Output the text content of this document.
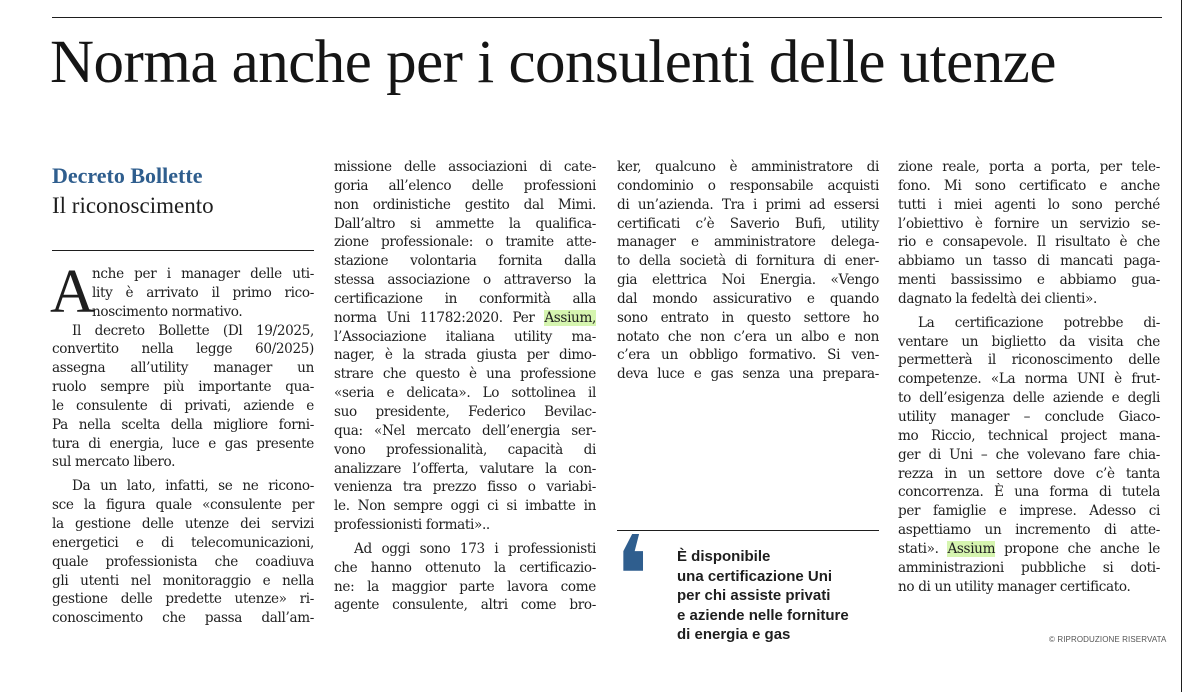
Norma anche per i consulenti delle utenze
Decreto Bollette
Il riconoscimento
A
nche per i manager delle uti-
lity è arrivato il primo rico-
noscimento normativo.
Il decreto Bollette (Dl 19/2025,
convertito nella legge 60/2025)
assegna all’utility manager un
ruolo sempre più importante qua-
le consulente di privati, aziende e
Pa nella scelta della migliore forni-
tura di energia, luce e gas presente
sul mercato libero.
Da un lato, infatti, se ne ricono-
sce la figura quale «consulente per
la gestione delle utenze dei servizi
energetici e di telecomunicazioni,
quale professionista che coadiuva
gli utenti nel monitoraggio e nella
gestione delle predette utenze» ri-
conoscimento che passa dall’am-
missione delle associazioni di cate-
goria all’elenco delle professioni
non ordinistiche gestito dal Mimi.
Dall’altro si ammette la qualifica-
zione professionale: o tramite atte-
stazione volontaria fornita dalla
stessa associazione o attraverso la
certificazione in conformità alla
norma Uni 11782:2020. Per Assium,
l’Associazione italiana utility ma-
nager, è la strada giusta per dimo-
strare che questo è una professione
«seria e delicata». Lo sottolinea il
suo presidente, Federico Bevilac-
qua: «Nel mercato dell’energia ser-
vono professionalità, capacità di
analizzare l’offerta, valutare la con-
venienza tra prezzo fisso o variabi-
le. Non sempre oggi ci si imbatte in
professionisti formati»..
Ad oggi sono 173 i professionisti
che hanno ottenuto la certificazio-
ne: la maggior parte lavora come
agente consulente, altri come bro-
ker, qualcuno è amministratore di
condominio o responsabile acquisti
di un’azienda. Tra i primi ad essersi
certificati c’è Saverio Bufi, utility
manager e amministratore delega-
to della società di fornitura di ener-
gia elettrica Noi Energia. «Vengo
dal mondo assicurativo e quando
sono entrato in questo settore ho
notato che non c’era un albo e non
c’era un obbligo formativo. Si ven-
deva luce e gas senza una prepara-
❛ È disponibile
una certificazione Uni
per chi assiste privati
e aziende nelle forniture
di energia e gas
zione reale, porta a porta, per tele-
fono. Mi sono certificato e anche
tutti i miei agenti lo sono perché
l’obiettivo è fornire un servizio se-
rio e consapevole. Il risultato è che
abbiamo un tasso di mancati paga-
menti bassissimo e abbiamo gua-
dagnato la fedeltà dei clienti».
La certificazione potrebbe di-
ventare un biglietto da visita che
permetterà il riconoscimento delle
competenze. «La norma UNI è frut-
to dell’esigenza delle aziende e degli
utility manager – conclude Giaco-
mo Riccio, technical project mana-
ger di Uni – che volevano fare chia-
rezza in un settore dove c’è tanta
concorrenza. È una forma di tutela
per famiglie e imprese. Adesso ci
aspettiamo un incremento di atte-
stati». Assium propone che anche le
amministrazioni pubbliche si doti-
no di un utility manager certificato.
© RIPRODUZIONE RISERVATA
